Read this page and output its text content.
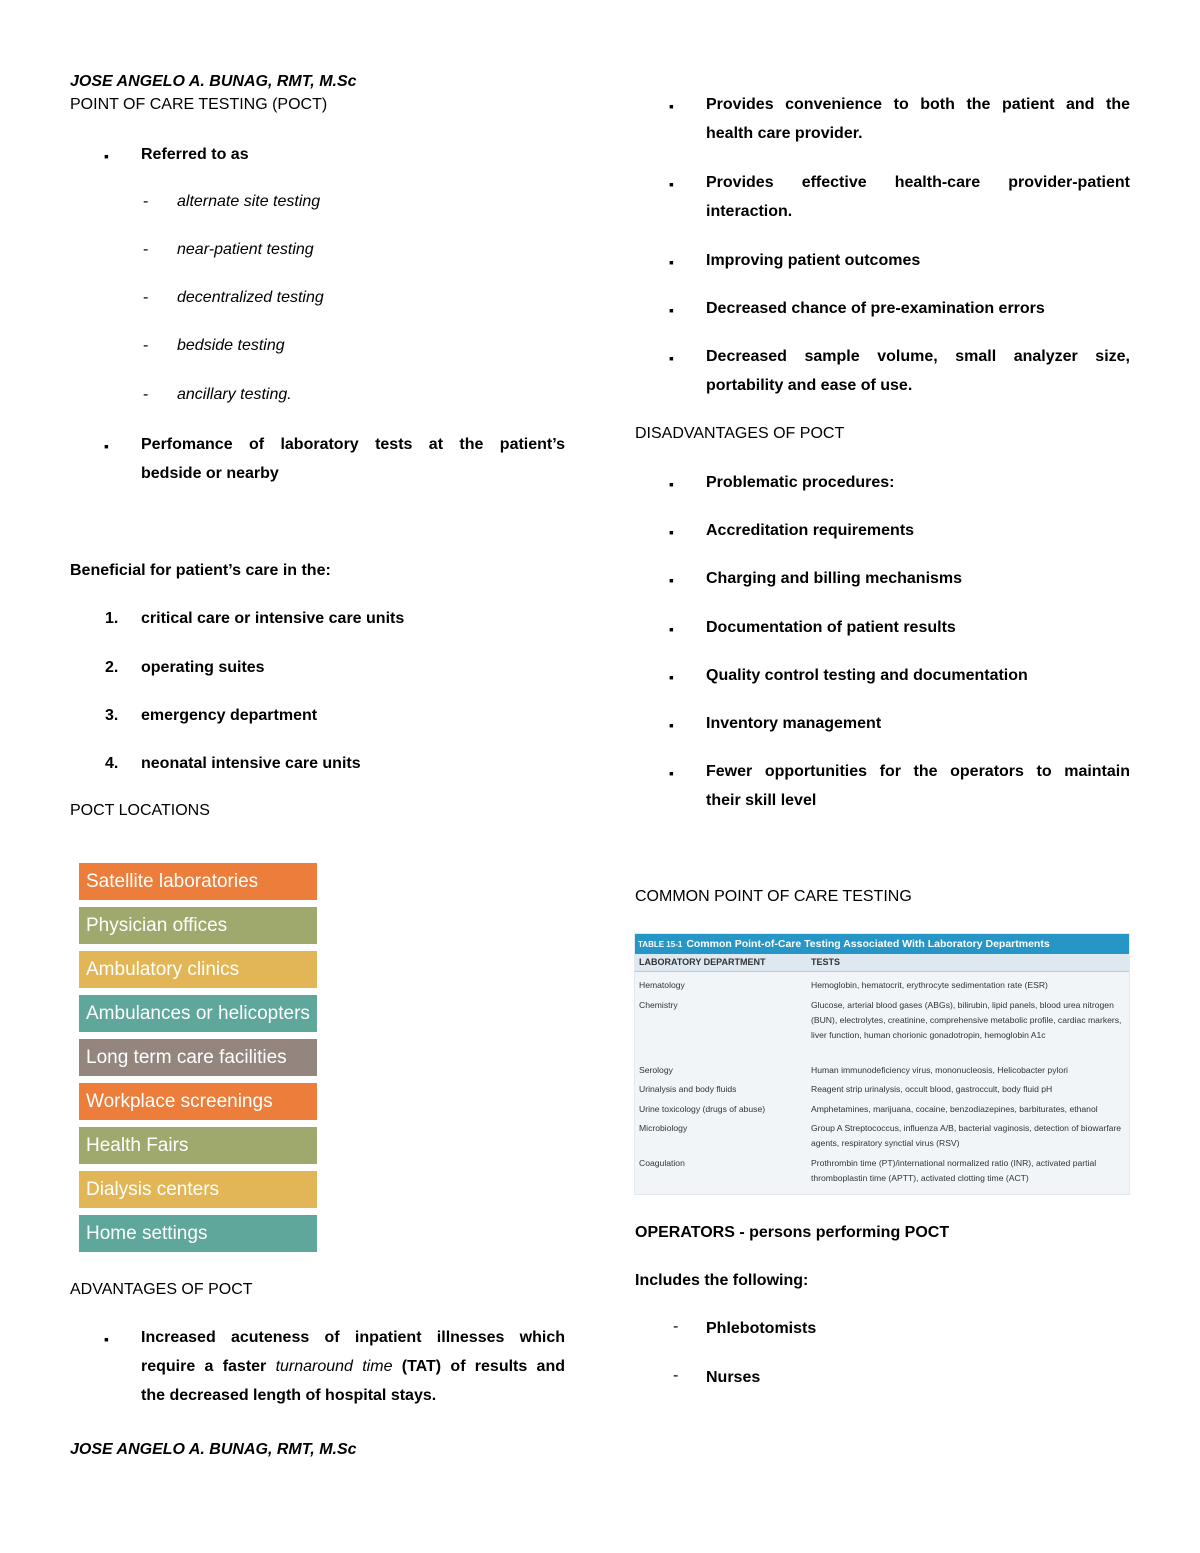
JOSE ANGELO A. BUNAG, RMT, M.Sc
POINT OF CARE TESTING (POCT)
▪ Referred to as
- alternate site testing
- near-patient testing
- decentralized testing
- bedside testing
- ancillary testing.
▪ Perfomance of laboratory tests at the patient’s
bedside or nearby
Beneficial for patient’s care in the:
1. critical care or intensive care units
2. operating suites
3. emergency department
4. neonatal intensive care units
POCT LOCATIONS
Satellite laboratories
Physician offices
Ambulatory clinics
Ambulances or helicopters
Long term care facilities
Workplace screenings
Health Fairs
Dialysis centers
Home settings
ADVANTAGES OF POCT
▪ Increased acuteness of inpatient illnesses which
require a faster turnaround time (TAT) of results and
the decreased length of hospital stays.
JOSE ANGELO A. BUNAG, RMT, M.Sc
▪ Provides convenience to both the patient and the
health care provider.
▪ Provides effective health-care provider-patient
interaction.
▪ Improving patient outcomes
▪ Decreased chance of pre-examination errors
▪ Decreased sample volume, small analyzer size,
portability and ease of use.
DISADVANTAGES OF POCT
▪ Problematic procedures:
▪ Accreditation requirements
▪ Charging and billing mechanisms
▪ Documentation of patient results
▪ Quality control testing and documentation
▪ Inventory management
▪ Fewer opportunities for the operators to maintain
their skill level
COMMON POINT OF CARE TESTING
TABLE 15-1 Common Point-of-Care Testing Associated With Laboratory Departments
LABORATORY DEPARTMENT	TESTS
Hematology	Hemoglobin, hematocrit, erythrocyte sedimentation rate (ESR)
Chemistry	Glucose, arterial blood gases (ABGs), bilirubin, lipid panels, blood urea nitrogen (BUN), electrolytes, creatinine, comprehensive metabolic profile, cardiac markers, liver function, human chorionic gonadotropin, hemoglobin A1c
Serology	Human immunodeficiency virus, mononucleosis, Helicobacter pylori
Urinalysis and body fluids	Reagent strip urinalysis, occult blood, gastroccult, body fluid pH
Urine toxicology (drugs of abuse)	Amphetamines, marijuana, cocaine, benzodiazepines, barbiturates, ethanol
Microbiology	Group A Streptococcus, influenza A/B, bacterial vaginosis, detection of biowarfare agents, respiratory synctial virus (RSV)
Coagulation	Prothrombin time (PT)/international normalized ratio (INR), activated partial thromboplastin time (APTT), activated clotting time (ACT)
OPERATORS - persons performing POCT
Includes the following:
- Phlebotomists
- Nurses
